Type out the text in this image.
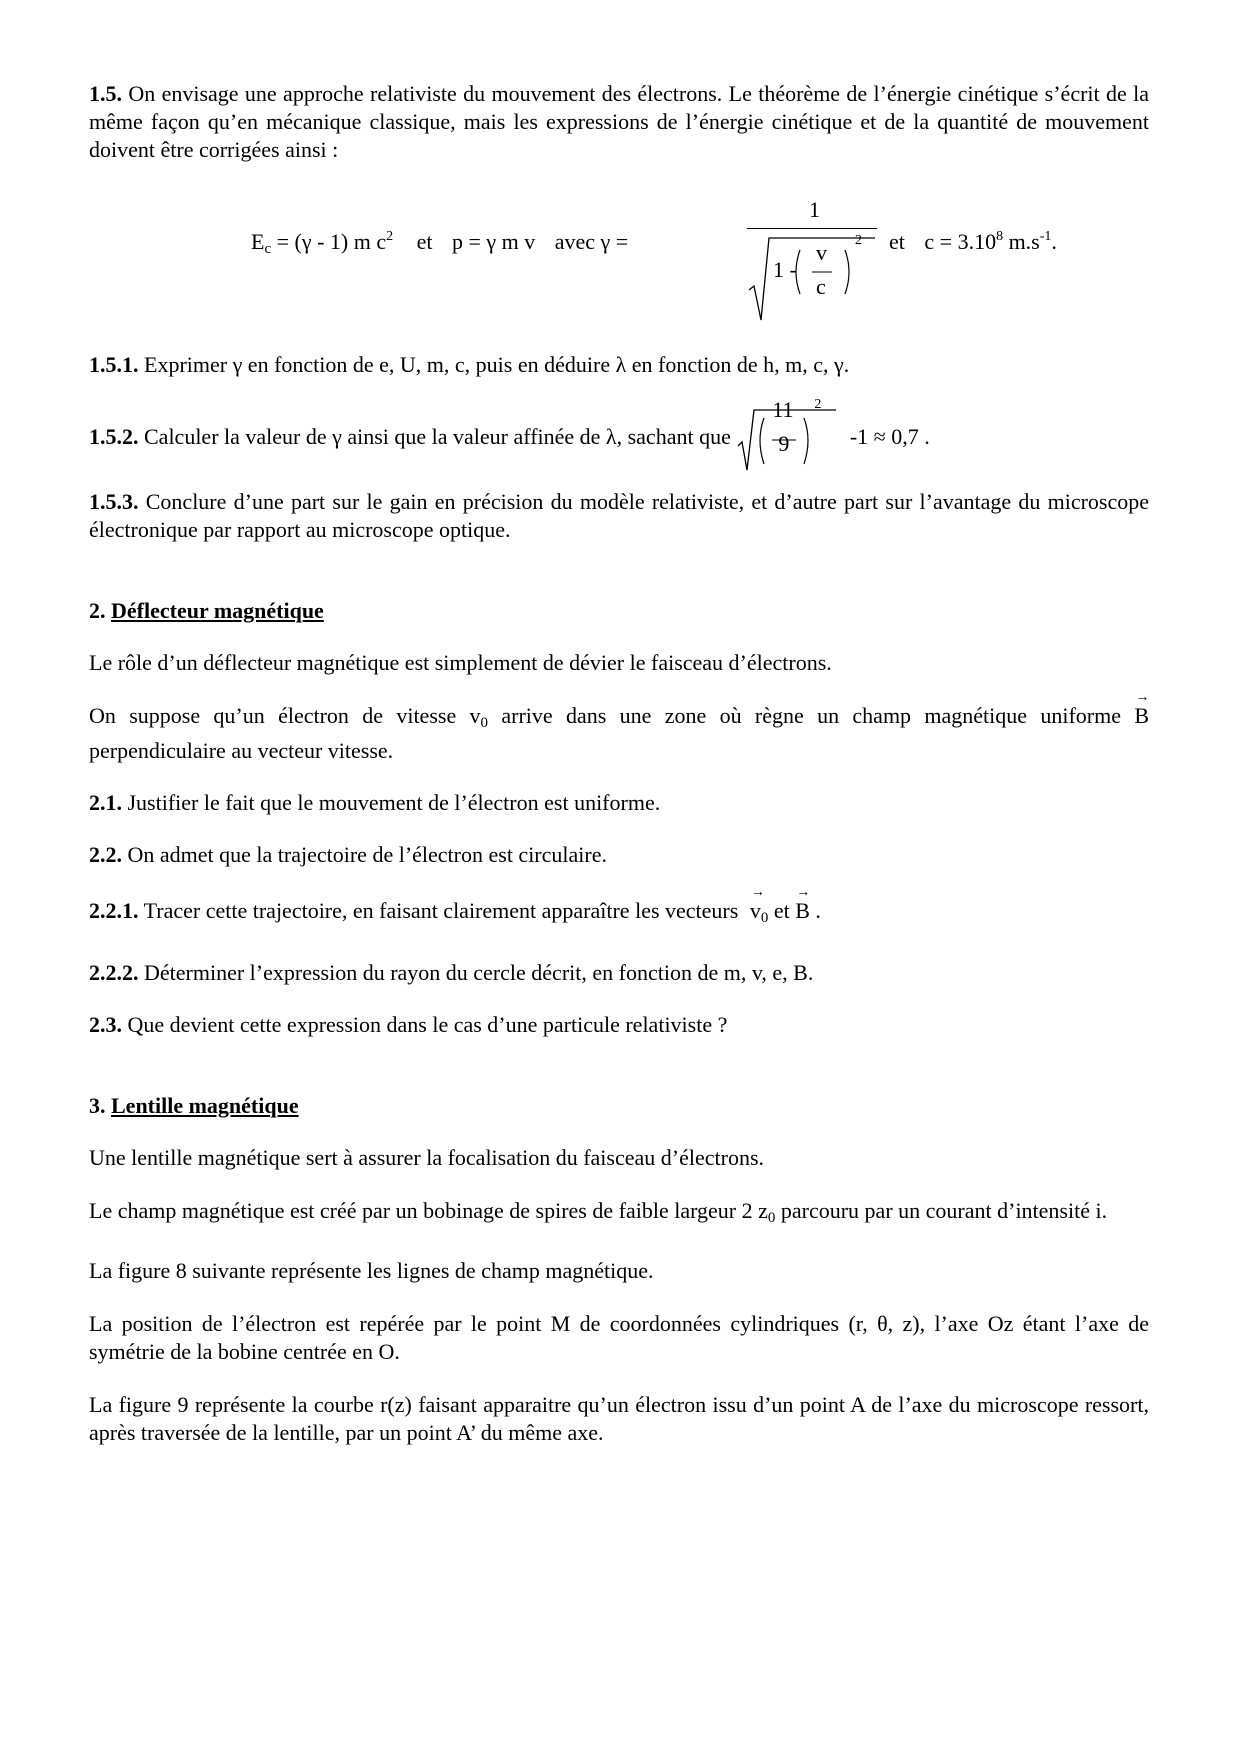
1.5. On envisage une approche relativiste du mouvement des électrons. Le théorème de l’énergie cinétique s’écrit de la même façon qu’en mécanique classique, mais les expressions de l’énergie cinétique et de la quantité de mouvement doivent être corrigées ainsi :

$E_c = (\gamma - 1)$ m $c^2$ et p = γ m v avec γ =
1
1 -
v
c
2 et $c = 3.10^8$ $m.s^{-1}$.

1.5.1. Exprimer γ en fonction de e, U, m, c, puis en déduire λ en fonction de h, m, c, γ.

1.5.2. Calculer la valeur de γ ainsi que la valeur affinée de λ, sachant que
11
9
2
-1 ≈ 0,7 .

1.5.3. Conclure d’une part sur le gain en précision du modèle relativiste, et d’autre part sur l’avantage du microscope électronique par rapport au microscope optique.

2. Déflecteur magnétique

Le rôle d’un déflecteur magnétique est simplement de dévier le faisceau d’électrons.

On suppose qu’un électron de vitesse $v_0$ arrive dans une zone où règne un champ magnétique uniforme
→
B perpendiculaire au vecteur vitesse.

2.1. Justifier le fait que le mouvement de l’électron est uniforme.

2.2. On admet que la trajectoire de l’électron est circulaire.

2.2.1. Tracer cette trajectoire, en faisant clairement apparaître les vecteurs
→
$v_0$ et
→
B .

2.2.2. Déterminer l’expression du rayon du cercle décrit, en fonction de m, v, e, B.

2.3. Que devient cette expression dans le cas d’une particule relativiste ?

3. Lentille magnétique

Une lentille magnétique sert à assurer la focalisation du faisceau d’électrons.

Le champ magnétique est créé par un bobinage de spires de faible largeur 2 $z_0$ parcouru par un courant d’intensité i.

La figure 8 suivante représente les lignes de champ magnétique.

La position de l’électron est repérée par le point M de coordonnées cylindriques (r, θ, z), l’axe Oz étant l’axe de symétrie de la bobine centrée en O.

La figure 9 représente la courbe r(z) faisant apparaitre qu’un électron issu d’un point A de l’axe du microscope ressort, après traversée de la lentille, par un point A’ du même axe.
